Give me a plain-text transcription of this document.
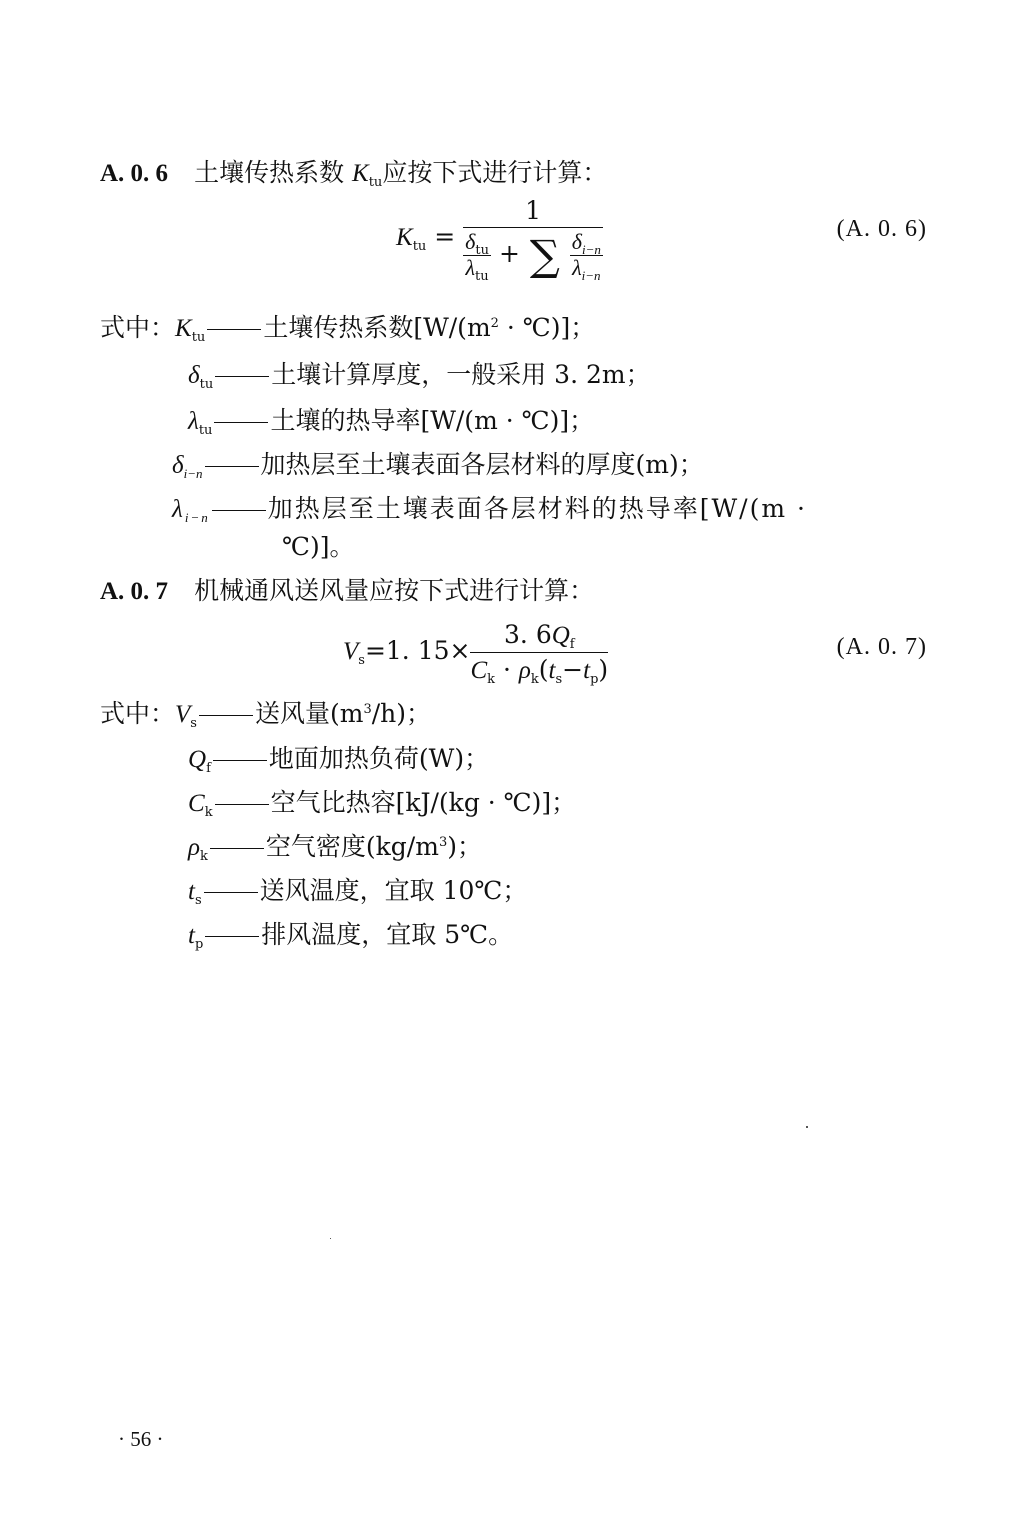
A. 0. 6 土壤传热系数 $K_{tu}$应按下式进行计算：
$K_{tu}$ =
1
$\delta_{tu}$
$\lambda_{tu}$
+ ∑ $\frac{\delta_{i-n}}{\lambda_{i-n}}$
(A. 0. 6)
式中：$K_{tu}$ 土壤传热系数[$W/(m^2$ · ℃)]；
$\delta_{tu}$ 土壤计算厚度，一般采用 3. 2m；
$\lambda_{tu}$ 土壤的热导率[W/(m · ℃)]；
$\delta_{i-n}$ 加热层至土壤表面各层材料的厚度(m)；
$\lambda_{i-n}$ 加热层至土壤表面各层材料的热导率[W/(m ·
℃)]。
A. 0. 7 机械通风送风量应按下式进行计算：
$V_s=1$. $15\times \frac{3. 6Q_f}{C_k \cdot \rho_k(t_s-t_p)}$	(A. 0. 7)
式中：$V_s$ 送风量$(m^3/h)$；
$Q_f$ 地面加热负荷(W)；
$C_k$ 空气比热容[kJ/(kg · ℃)]；
$\rho_k$ 空气密度$(kg/m^3)$；
$t_s$ 送风温度，宜取 10℃；
$t_p$ 排风温度，宜取 5℃。
· 56 ·
